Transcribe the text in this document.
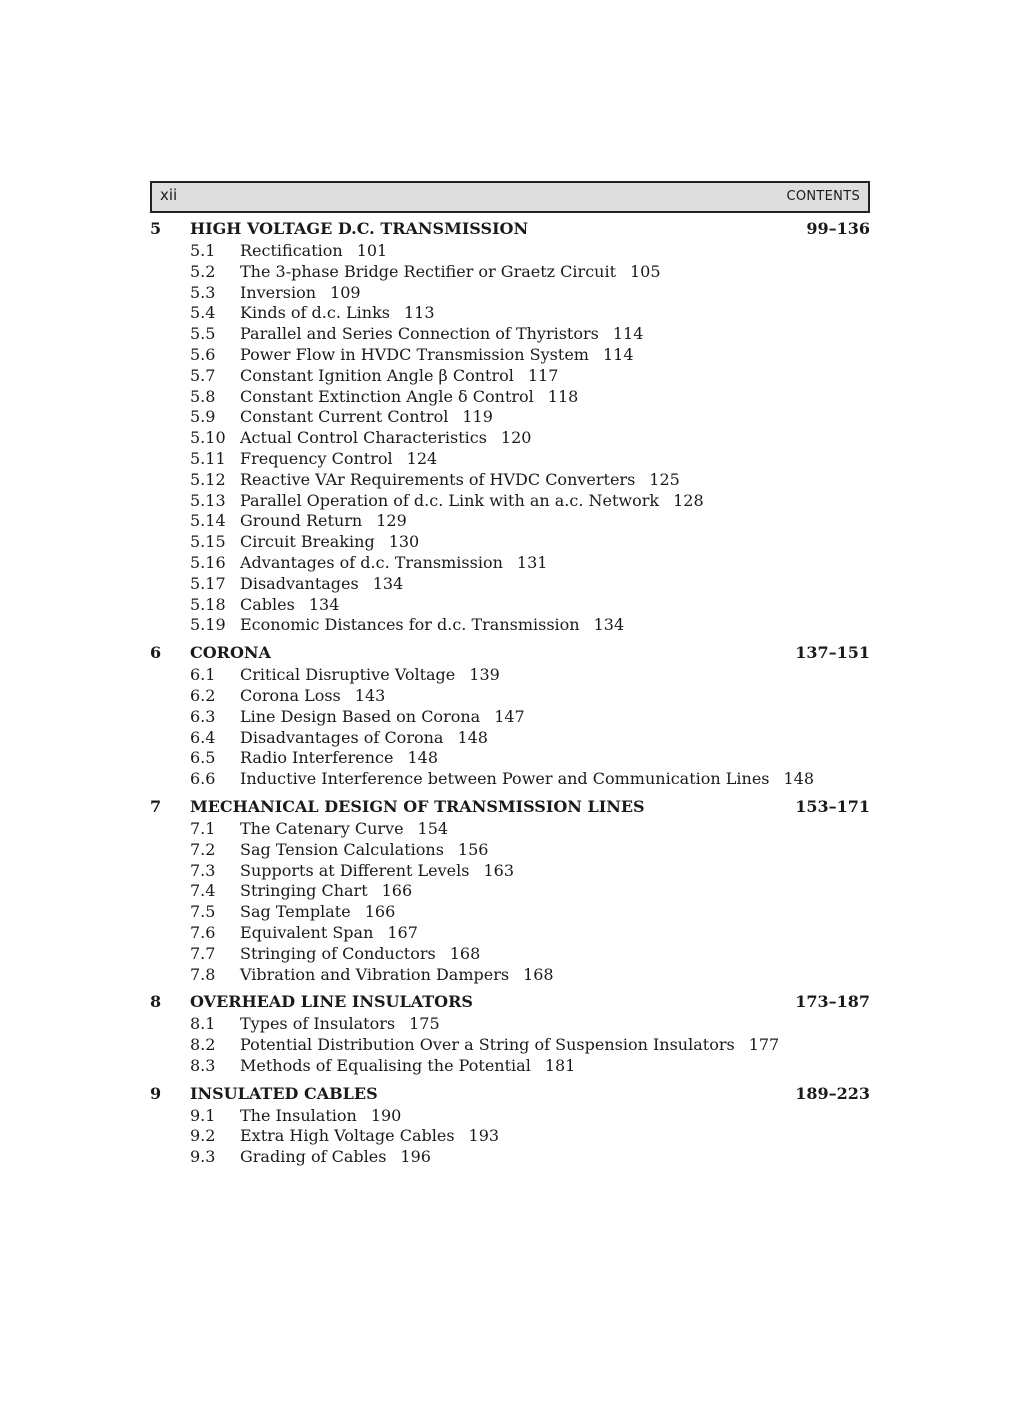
xii	CONTENTS
5 HIGH VOLTAGE D.C. TRANSMISSION	99–136
5.1 Rectification 101
5.2 The 3-phase Bridge Rectifier or Graetz Circuit 105
5.3 Inversion 109
5.4 Kinds of d.c. Links 113
5.5 Parallel and Series Connection of Thyristors 114
5.6 Power Flow in HVDC Transmission System 114
5.7 Constant Ignition Angle β Control 117
5.8 Constant Extinction Angle δ Control 118
5.9 Constant Current Control 119
5.10 Actual Control Characteristics 120
5.11 Frequency Control 124
5.12 Reactive VAr Requirements of HVDC Converters 125
5.13 Parallel Operation of d.c. Link with an a.c. Network 128
5.14 Ground Return 129
5.15 Circuit Breaking 130
5.16 Advantages of d.c. Transmission 131
5.17 Disadvantages 134
5.18 Cables 134
5.19 Economic Distances for d.c. Transmission 134
6 CORONA	137–151
6.1 Critical Disruptive Voltage 139
6.2 Corona Loss 143
6.3 Line Design Based on Corona 147
6.4 Disadvantages of Corona 148
6.5 Radio Interference 148
6.6 Inductive Interference between Power and Communication Lines 148
7 MECHANICAL DESIGN OF TRANSMISSION LINES	153–171
7.1 The Catenary Curve 154
7.2 Sag Tension Calculations 156
7.3 Supports at Different Levels 163
7.4 Stringing Chart 166
7.5 Sag Template 166
7.6 Equivalent Span 167
7.7 Stringing of Conductors 168
7.8 Vibration and Vibration Dampers 168
8 OVERHEAD LINE INSULATORS	173–187
8.1 Types of Insulators 175
8.2 Potential Distribution Over a String of Suspension Insulators 177
8.3 Methods of Equalising the Potential 181
9 INSULATED CABLES	189–223
9.1 The Insulation 190
9.2 Extra High Voltage Cables 193
9.3 Grading of Cables 196
